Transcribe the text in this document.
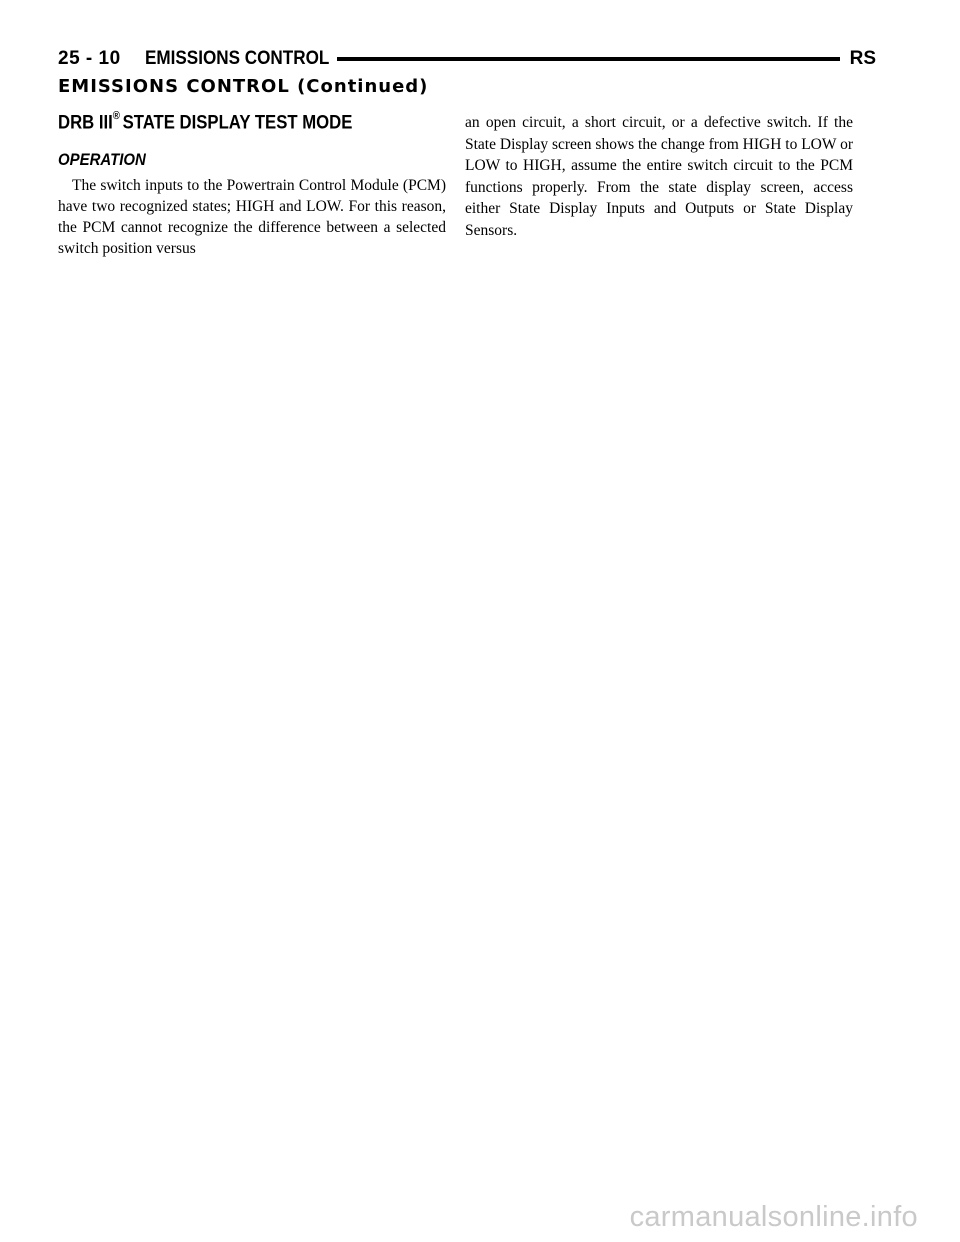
25 - 10 EMISSIONS CONTROL	RS
EMISSIONS CONTROL (Continued)
DRB III® STATE DISPLAY TEST MODE
OPERATION

The switch inputs to the Powertrain Control Module (PCM) have two recognized states; HIGH and LOW. For this reason, the PCM cannot recognize the difference between a selected switch position versus

an open circuit, a short circuit, or a defective switch. If the State Display screen shows the change from HIGH to LOW or LOW to HIGH, assume the entire switch circuit to the PCM functions properly. From the state display screen, access either State Display Inputs and Outputs or State Display Sensors.

carmanualsonline.info
